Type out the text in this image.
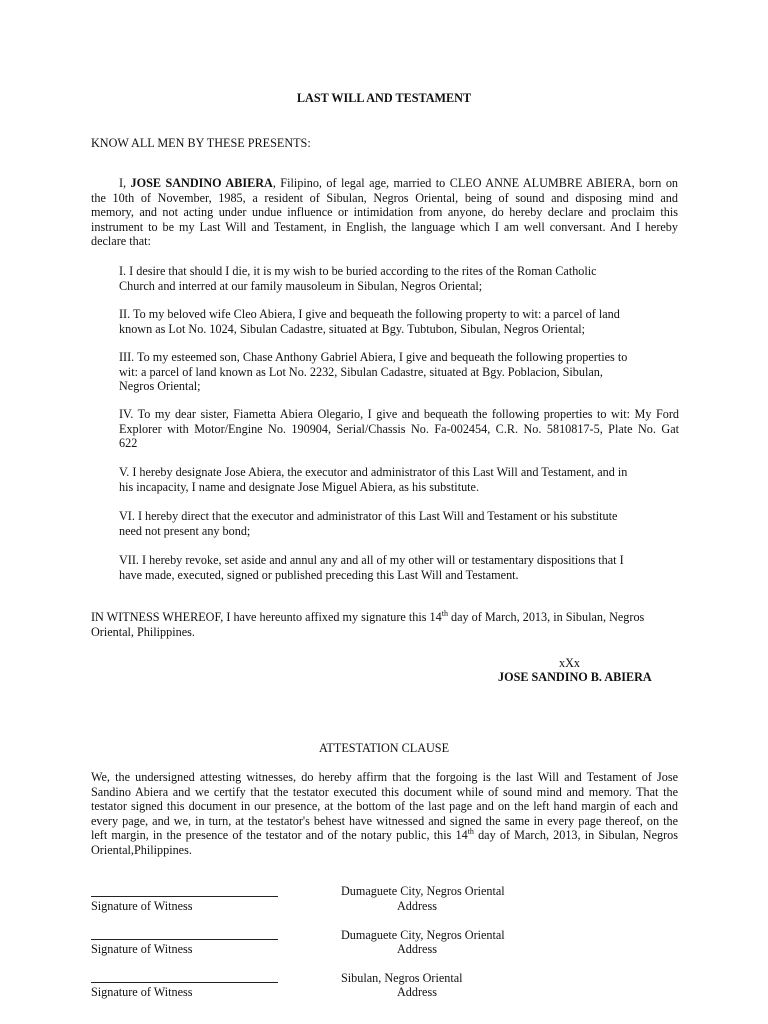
LAST WILL AND TESTAMENT
KNOW ALL MEN BY THESE PRESENTS:
I, JOSE SANDINO ABIERA, Filipino, of legal age, married to CLEO ANNE ALUMBRE ABIERA, born on
the 10th of November, 1985, a resident of Sibulan, Negros Oriental, being of sound and disposing mind and
memory, and not acting under undue influence or intimidation from anyone, do hereby declare and proclaim this
instrument to be my Last Will and Testament, in English, the language which I am well conversant. And I hereby
declare that:
I. I desire that should I die, it is my wish to be buried according to the rites of the Roman Catholic
Church and interred at our family mausoleum in Sibulan, Negros Oriental;
II. To my beloved wife Cleo Abiera, I give and bequeath the following property to wit: a parcel of land
known as Lot No. 1024, Sibulan Cadastre, situated at Bgy. Tubtubon, Sibulan, Negros Oriental;
III. To my esteemed son, Chase Anthony Gabriel Abiera, I give and bequeath the following properties to
wit: a parcel of land known as Lot No. 2232, Sibulan Cadastre, situated at Bgy. Poblacion, Sibulan,
Negros Oriental;
IV. To my dear sister, Fiametta Abiera Olegario, I give and bequeath the following properties to wit: My Ford
Explorer with Motor/Engine No. 190904, Serial/Chassis No. Fa-002454, C.R. No. 5810817-5, Plate No. Gat
622
V. I hereby designate Jose Abiera, the executor and administrator of this Last Will and Testament, and in
his incapacity, I name and designate Jose Miguel Abiera, as his substitute.
VI. I hereby direct that the executor and administrator of this Last Will and Testament or his substitute
need not present any bond;
VII. I hereby revoke, set aside and annul any and all of my other will or testamentary dispositions that I
have made, executed, signed or published preceding this Last Will and Testament.
IN WITNESS WHEREOF, I have hereunto affixed my signature this 14th day of March, 2013, in Sibulan, Negros
Oriental, Philippines.
xXx
JOSE SANDINO B. ABIERA
ATTESTATION CLAUSE
We, the undersigned attesting witnesses, do hereby affirm that the forgoing is the last Will and Testament of Jose
Sandino Abiera and we certify that the testator executed this document while of sound mind and memory. That the
testator signed this document in our presence, at the bottom of the last page and on the left hand margin of each and
every page, and we, in turn, at the testator's behest have witnessed and signed the same in every page thereof, on the
left margin, in the presence of the testator and of the notary public, this 14th day of March, 2013, in Sibulan, Negros
Oriental,Philippines.
Signature of Witness
Dumaguete City, Negros Oriental
Address
Signature of Witness
Dumaguete City, Negros Oriental
Address
Signature of Witness
Sibulan, Negros Oriental
Address
